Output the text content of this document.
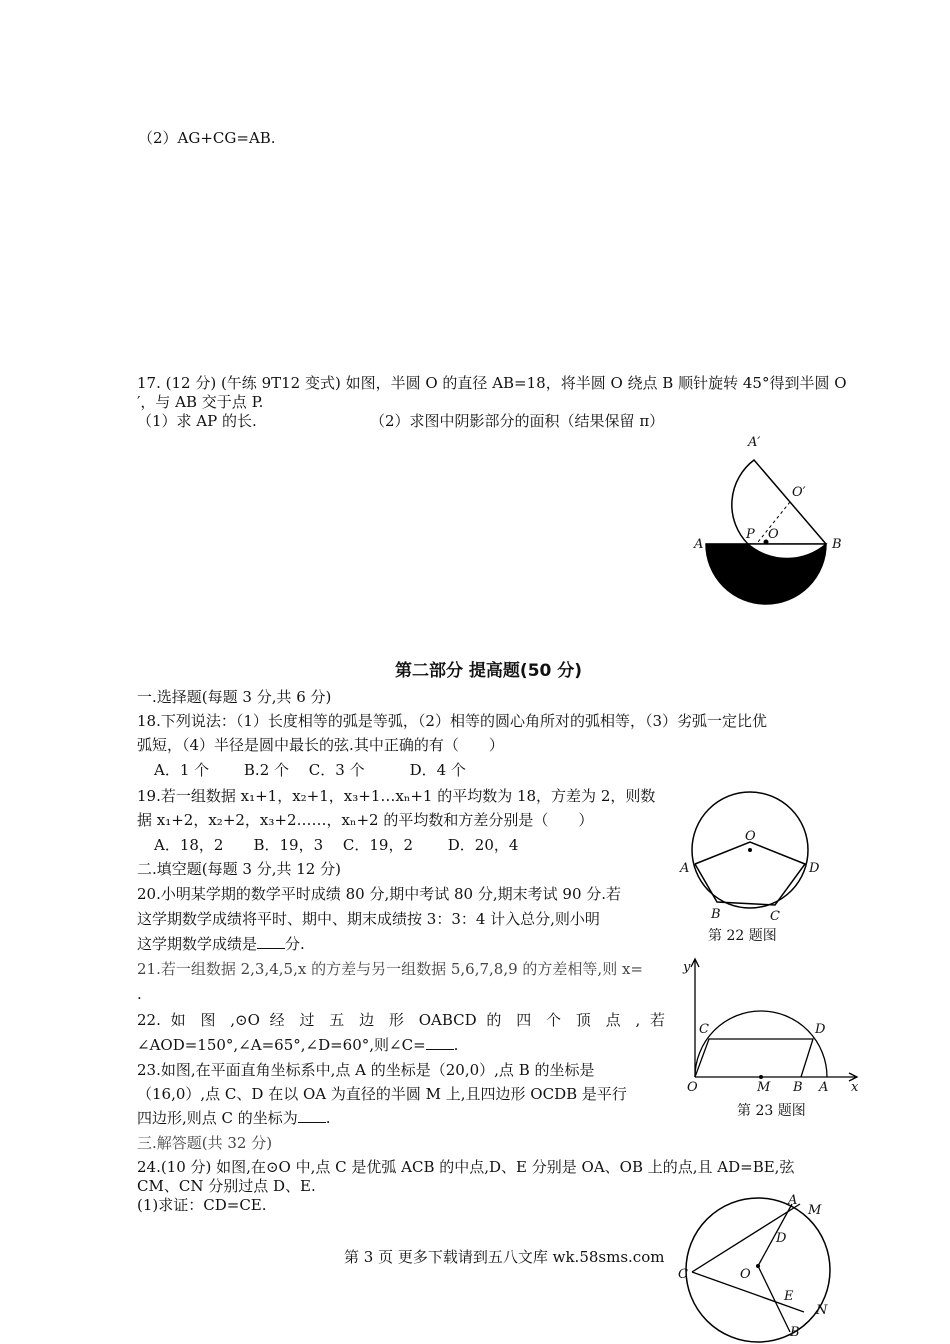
（2）AG+CG=AB.
17. (12 分) (午练 9T12 变式) 如图，半圆 O 的直径 AB=18，将半圆 O 绕点 B 顺针旋转 45°得到半圆 O
′，与 AB 交于点 P.
（1）求 AP 的长.	（2）求图中阴影部分的面积（结果保留 π）
A′
O′
P O
A	B
第二部分 提高题(50 分)
一.选择题(每题 3 分,共 6 分)
18.下列说法：（1）长度相等的弧是等弧，（2）相等的圆心角所对的弧相等，（3）劣弧一定比优
弧短，（4）半径是圆中最长的弦.其中正确的有（　　）
A．1 个　　 B.2 个　 C．3 个　　　D．4 个
19.若一组数据 x₁+1，x₂+1，x₃+1…xₙ+1 的平均数为 18，方差为 2，则数
据 x₁+2，x₂+2，x₃+2……，xₙ+2 的平均数和方差分别是（　　）
A．18，2　　B．19，3　 C．19，2　　 D．20，4
二.填空题(每题 3 分,共 12 分)
20.小明某学期的数学平时成绩 80 分,期中考试 80 分,期末考试 90 分.若
这学期数学成绩将平时、期中、期末成绩按 3：3：4 计入总分,则小明
这学期数学成绩是 分.
21.若一组数据 2,3,4,5,x 的方差与另一组数据 5,6,7,8,9 的方差相等,则 x=
.
22. 如 图 ,⊙O 经 过 五 边 形 OABCD 的 四 个 顶 点 , 若
∠AOD=150°,∠A=65°,∠D=60°,则∠C= .
23.如图,在平面直角坐标系中,点 A 的坐标是（20,0）,点 B 的坐标是
（16,0）,点 C、D 在以 OA 为直径的半圆 M 上,且四边形 OCDB 是平行
四边形,则点 C 的坐标为 .
三.解答题(共 32 分)
24.(10 分) 如图,在⊙O 中,点 C 是优弧 ACB 的中点,D、E 分别是 OA、OB 上的点,且 AD=BE,弦
CM、CN 分别过点 D、E.
(1)求证：CD=CE.
O
A	D
B	C
第 22 题图
y
x
C	D
O	M B A
第 23 题图
A
M
D
C	O
E
N
B
第 3 页 更多下载请到五八文库 wk.58sms.com
